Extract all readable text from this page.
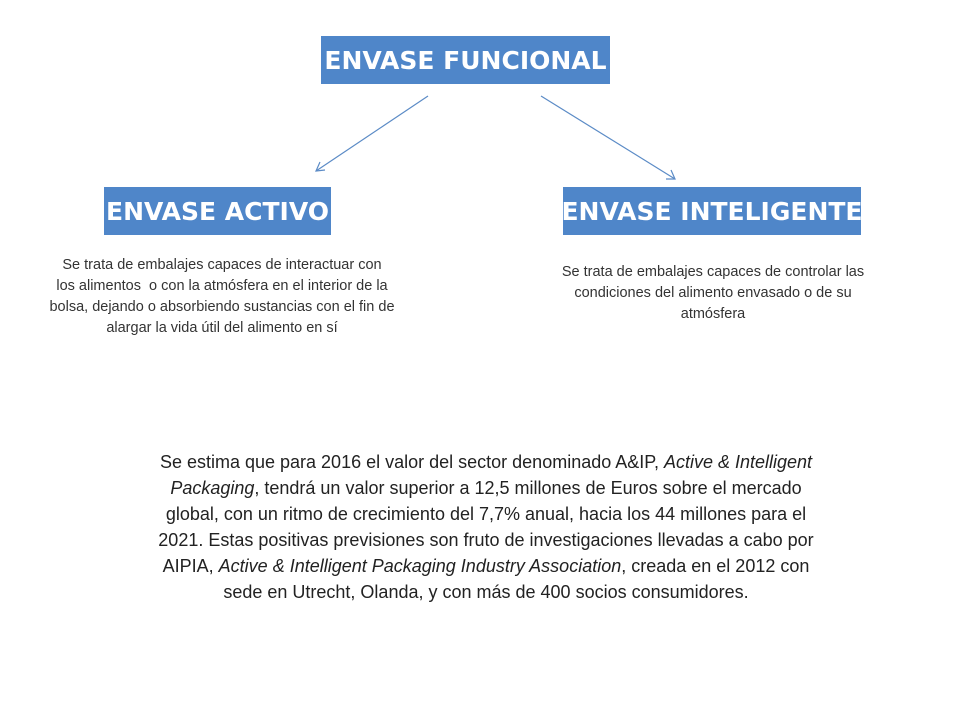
ENVASE FUNCIONAL
ENVASE ACTIVO	ENVASE INTELIGENTE
Se trata de embalajes capaces de interactuar con
los alimentos  o con la atmósfera en el interior de la
bolsa, dejando o absorbiendo sustancias con el fin de
alargar la vida útil del alimento en sí
Se trata de embalajes capaces de controlar las
condiciones del alimento envasado o de su
atmósfera
Se estima que para 2016 el valor del sector denominado A&IP, Active & Intelligent
Packaging, tendrá un valor superior a 12,5 millones de Euros sobre el mercado
global, con un ritmo de crecimiento del 7,7% anual, hacia los 44 millones para el
2021. Estas positivas previsiones son fruto de investigaciones llevadas a cabo por
AIPIA, Active & Intelligent Packaging Industry Association, creada en el 2012 con
sede en Utrecht, Olanda, y con más de 400 socios consumidores.
